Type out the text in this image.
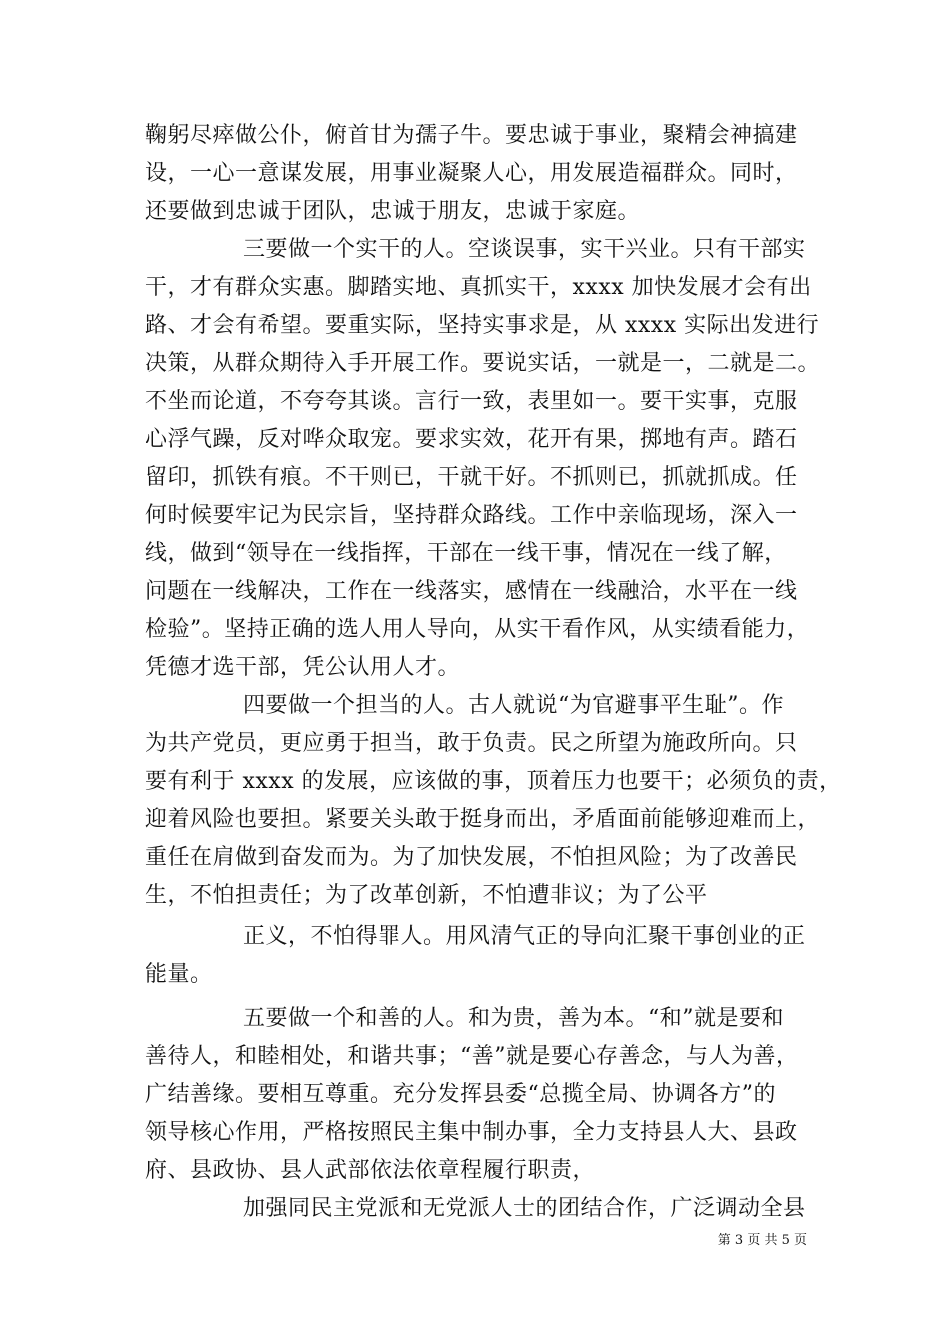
鞠躬尽瘁做公仆，俯首甘为孺子牛。要忠诚于事业，聚精会神搞建
设，一心一意谋发展，用事业凝聚人心，用发展造福群众。同时，
还要做到忠诚于团队，忠诚于朋友，忠诚于家庭。
三要做一个实干的人。空谈误事，实干兴业。只有干部实
干，才有群众实惠。脚踏实地、真抓实干，xxxx 加快发展才会有出
路、才会有希望。要重实际，坚持实事求是，从 xxxx 实际出发进行
决策，从群众期待入手开展工作。要说实话，一就是一，二就是二。
不坐而论道，不夸夸其谈。言行一致，表里如一。要干实事，克服
心浮气躁，反对哗众取宠。要求实效，花开有果，掷地有声。踏石
留印，抓铁有痕。不干则已，干就干好。不抓则已，抓就抓成。任
何时候要牢记为民宗旨，坚持群众路线。工作中亲临现场，深入一
线，做到“领导在一线指挥，干部在一线干事，情况在一线了解，
问题在一线解决，工作在一线落实，感情在一线融洽，水平在一线
检验”。坚持正确的选人用人导向，从实干看作风，从实绩看能力，
凭德才选干部，凭公认用人才。
四要做一个担当的人。古人就说“为官避事平生耻”。作
为共产党员，更应勇于担当，敢于负责。民之所望为施政所向。只
要有利于 xxxx 的发展，应该做的事，顶着压力也要干；必须负的责，
迎着风险也要担。紧要关头敢于挺身而出，矛盾面前能够迎难而上，
重任在肩做到奋发而为。为了加快发展，不怕担风险；为了改善民
生，不怕担责任；为了改革创新，不怕遭非议；为了公平
正义，不怕得罪人。用风清气正的导向汇聚干事创业的正
能量。
五要做一个和善的人。和为贵，善为本。“和”就是要和
善待人，和睦相处，和谐共事；“善”就是要心存善念，与人为善，
广结善缘。要相互尊重。充分发挥县委“总揽全局、协调各方”的
领导核心作用，严格按照民主集中制办事，全力支持县人大、县政
府、县政协、县人武部依法依章程履行职责，
加强同民主党派和无党派人士的团结合作，广泛调动全县
第 3 页 共 5 页
